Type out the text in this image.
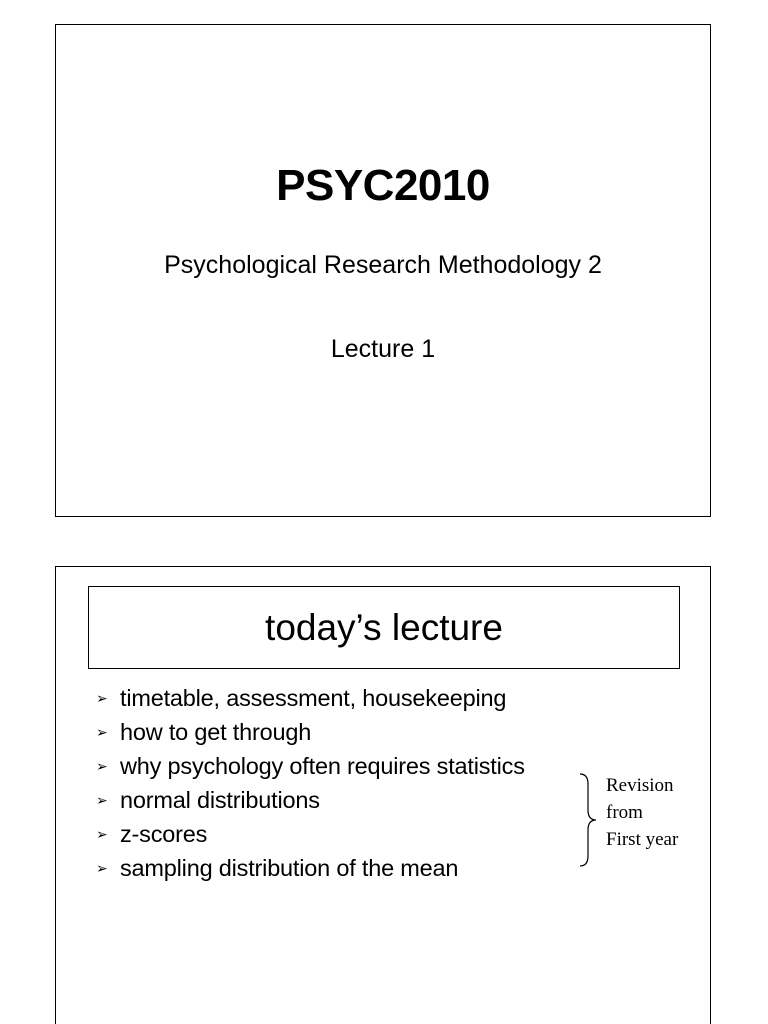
PSYC2010
Psychological Research Methodology 2
Lecture 1
today’s lecture
➢ timetable, assessment, housekeeping
➢ how to get through
➢ why psychology often requires statistics
➢ normal distributions
➢ z-scores
➢ sampling distribution of the mean
Revision
from
First year
